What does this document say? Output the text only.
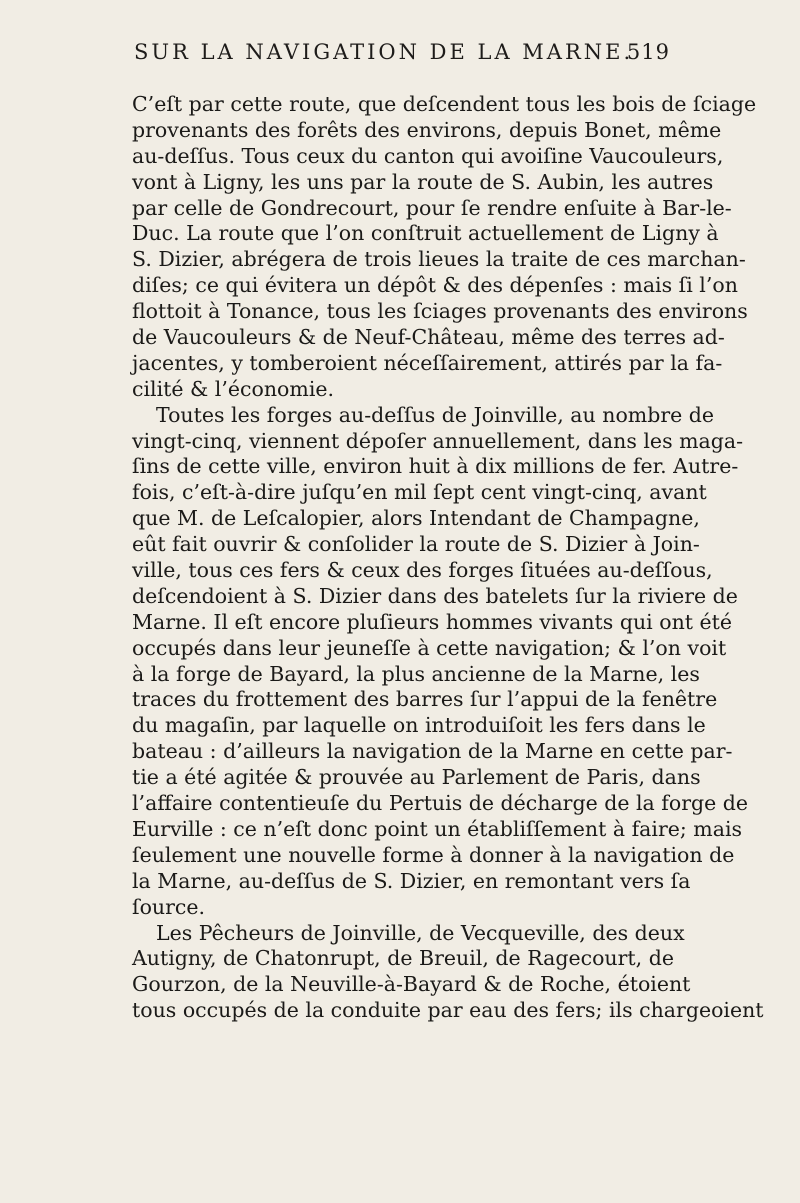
SUR LA NAVIGATION DE LA MARNE.
519
C’eſt par cette route, que deſcendent tous les bois de ſciage
provenants des forêts des environs, depuis Bonet, même
au-deſſus. Tous ceux du canton qui avoiſine Vaucouleurs,
vont à Ligny, les uns par la route de S. Aubin, les autres
par celle de Gondrecourt, pour ſe rendre enſuite à Bar-le-
Duc. La route que l’on conſtruit actuellement de Ligny à
S. Dizier, abrégera de trois lieues la traite de ces marchan-
diſes; ce qui évitera un dépôt & des dépenſes : mais ſi l’on
flottoit à Tonance, tous les ſciages provenants des environs
de Vaucouleurs & de Neuf-Château, même des terres ad-
jacentes, y tomberoient néceſſairement, attirés par la fa-
cilité & l’économie.
Toutes les forges au-deſſus de Joinville, au nombre de
vingt-cinq, viennent dépoſer annuellement, dans les maga-
ſins de cette ville, environ huit à dix millions de fer. Autre-
fois, c’eſt-à-dire juſqu’en mil ſept cent vingt-cinq, avant
que M. de Leſcalopier, alors Intendant de Champagne,
eût fait ouvrir & conſolider la route de S. Dizier à Join-
ville, tous ces fers & ceux des forges ſituées au-deſſous,
deſcendoient à S. Dizier dans des batelets ſur la riviere de
Marne. Il eſt encore pluſieurs hommes vivants qui ont été
occupés dans leur jeuneſſe à cette navigation; & l’on voit
à la forge de Bayard, la plus ancienne de la Marne, les
traces du frottement des barres ſur l’appui de la fenêtre
du magaſin, par laquelle on introduiſoit les fers dans le
bateau : d’ailleurs la navigation de la Marne en cette par-
tie a été agitée & prouvée au Parlement de Paris, dans
l’affaire contentieuſe du Pertuis de décharge de la forge de
Eurville : ce n’eſt donc point un établiſſement à faire; mais
ſeulement une nouvelle forme à donner à la navigation de
la Marne, au-deſſus de S. Dizier, en remontant vers ſa
ſource.
Les Pêcheurs de Joinville, de Vecqueville, des deux
Autigny, de Chatonrupt, de Breuil, de Ragecourt, de
Gourzon, de la Neuville-à-Bayard & de Roche, étoient
tous occupés de la conduite par eau des fers; ils chargeoient
